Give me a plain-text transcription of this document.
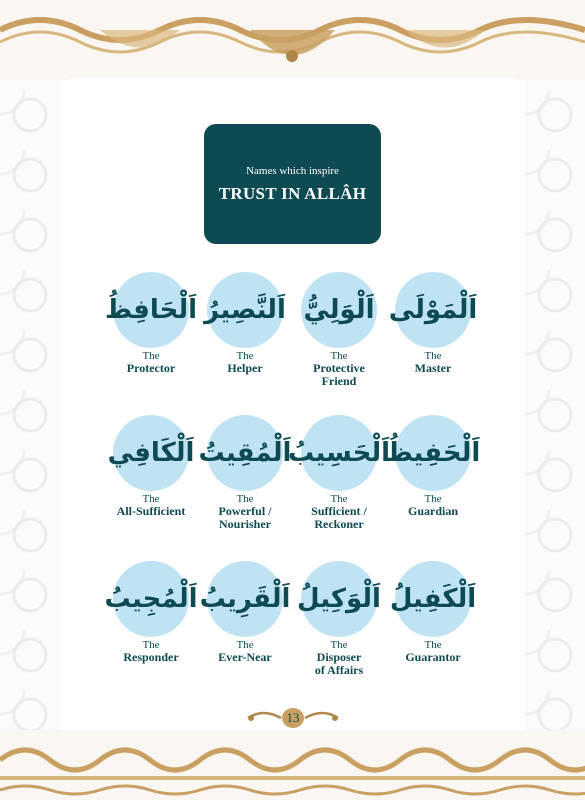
Names which inspire
TRUST IN ALLÂH
اَلْمَوْلَى
The
Master
اَلْوَلِيُّ
The
Protective
Friend
اَلنَّصِيرُ
The
Helper
اَلْحَافِظُ
The
Protector
اَلْحَفِيظُ
The
Guardian
اَلْحَسِيبُ
The
Sufficient /
Reckoner
اَلْمُقِيتُ
The
Powerful /
Nourisher
اَلْكَافِي
The
All-Sufficient
اَلْكَفِيلُ
The
Guarantor
اَلْوَكِيلُ
The
Disposer
of Affairs
اَلْقَرِيبُ
The
Ever-Near
اَلْمُجِيبُ
The
Responder
13
